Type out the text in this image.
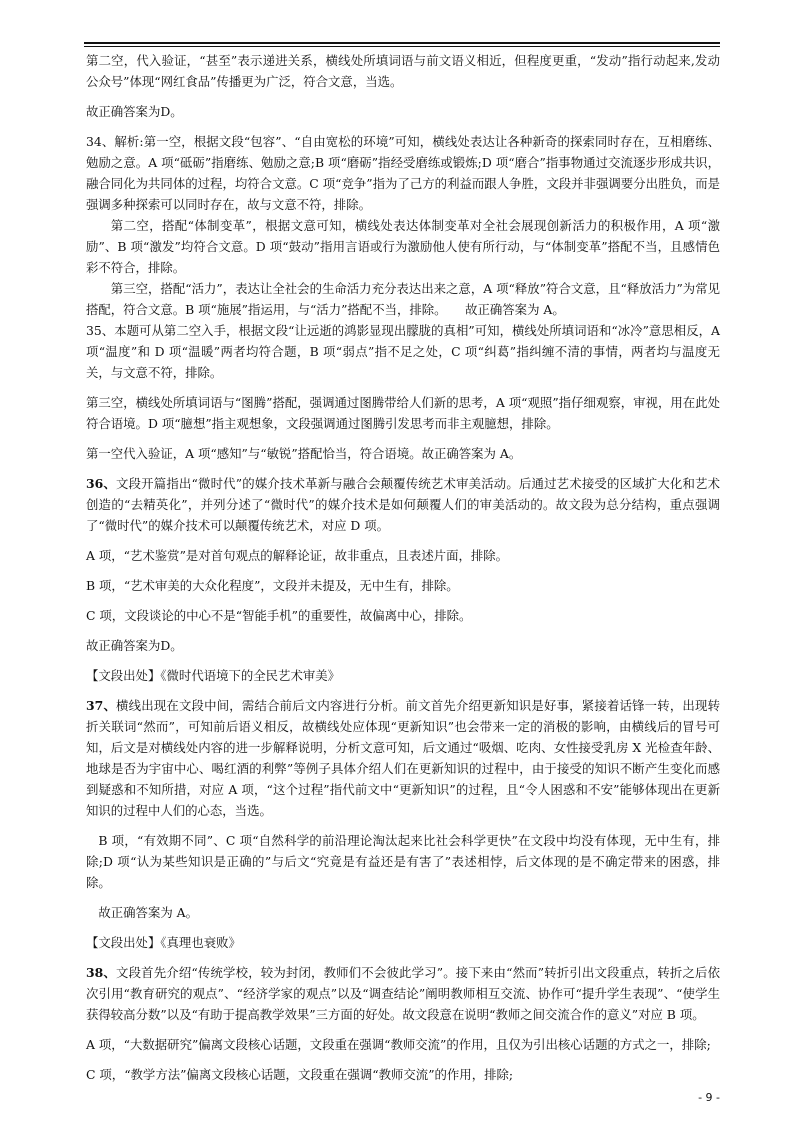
第二空，代入验证，“甚至”表示递进关系，横线处所填词语与前文语义相近，但程度更重，“发动”指行动起来,发动公众号”体现“网红食品”传播更为广泛，符合文意，当选。

故正确答案为D。

34、解析:第一空，根据文段“包容”、“自由宽松的环境”可知，横线处表达让各种新奇的探索同时存在，互相磨练、勉励之意。A 项“砥砺”指磨练、勉励之意;B 项“磨砺”指经受磨练或锻炼;D 项“磨合”指事物通过交流逐步形成共识，融合同化为共同体的过程，均符合文意。C 项“竞争”指为了己方的利益而跟人争胜，文段并非强调要分出胜负，而是强调多种探索可以同时存在，故与文意不符，排除。

第二空，搭配“体制变革”，根据文意可知，横线处表达体制变革对全社会展现创新活力的积极作用，A 项“激励”、B 项“激发”均符合文意。D 项“鼓动”指用言语或行为激励他人使有所行动，与“体制变革”搭配不当，且感情色彩不符合，排除。

第三空，搭配“活力”，表达让全社会的生命活力充分表达出来之意，A 项“释放”符合文意，且“释放活力”为常见搭配，符合文意。B 项“施展”指运用，与“活力”搭配不当，排除。　　故正确答案为 A。

35、本题可从第二空入手，根据文段“让远逝的鸿影显现出朦胧的真相”可知，横线处所填词语和“冰冷”意思相反，A 项“温度”和 D 项“温暖”两者均符合题，B 项“弱点”指不足之处，C 项“纠葛”指纠缠不清的事情，两者均与温度无关，与文意不符，排除。

第三空，横线处所填词语与“图腾”搭配，强调通过图腾带给人们新的思考，A 项“观照”指仔细观察，审视，用在此处符合语境。D 项“臆想”指主观想象，文段强调通过图腾引发思考而非主观臆想，排除。

第一空代入验证，A 项“感知”与“敏锐”搭配恰当，符合语境。故正确答案为 A。

36、文段开篇指出“微时代”的媒介技术革新与融合会颠覆传统艺术审美活动。后通过艺术接受的区域扩大化和艺术创造的“去精英化”，并列分述了“微时代”的媒介技术是如何颠覆人们的审美活动的。故文段为总分结构，重点强调了“微时代”的媒介技术可以颠覆传统艺术，对应 D 项。

A 项，“艺术鉴赏”是对首句观点的解释论证，故非重点，且表述片面，排除。

B 项，“艺术审美的大众化程度”，文段并未提及，无中生有，排除。

C 项，文段谈论的中心不是“智能手机”的重要性，故偏离中心，排除。

故正确答案为D。

【文段出处】《微时代语境下的全民艺术审美》

37、横线出现在文段中间，需结合前后文内容进行分析。前文首先介绍更新知识是好事，紧接着话锋一转，出现转折关联词“然而”，可知前后语义相反，故横线处应体现“更新知识”也会带来一定的消极的影响，由横线后的冒号可知，后文是对横线处内容的进一步解释说明，分析文意可知，后文通过“吸烟、吃肉、女性接受乳房 X 光检查年龄、地球是否为宇宙中心、喝红酒的利弊”等例子具体介绍人们在更新知识的过程中，由于接受的知识不断产生变化而感到疑惑和不知所措，对应 A 项，“这个过程”指代前文中“更新知识”的过程，且“令人困惑和不安”能够体现出在更新知识的过程中人们的心态，当选。

B 项，“有效期不同”、C 项“自然科学的前沿理论淘汰起来比社会科学更快”在文段中均没有体现，无中生有，排除;D 项“认为某些知识是正确的”与后文“究竟是有益还是有害了”表述相悖，后文体现的是不确定带来的困惑，排除。

故正确答案为 A。

【文段出处】《真理也衰败》

38、文段首先介绍“传统学校，较为封闭，教师们不会彼此学习”。接下来由“然而”转折引出文段重点，转折之后依次引用“教育研究的观点”、“经济学家的观点”以及“调查结论”阐明教师相互交流、协作可“提升学生表现”、“使学生获得较高分数”以及“有助于提高教学效果”三方面的好处。故文段意在说明“教师之间交流合作的意义”对应 B 项。

A 项，“大数据研究”偏离文段核心话题，文段重在强调“教师交流”的作用，且仅为引出核心话题的方式之一，排除;

C 项，“教学方法”偏离文段核心话题，文段重在强调“教师交流”的作用，排除;

- 9 -
